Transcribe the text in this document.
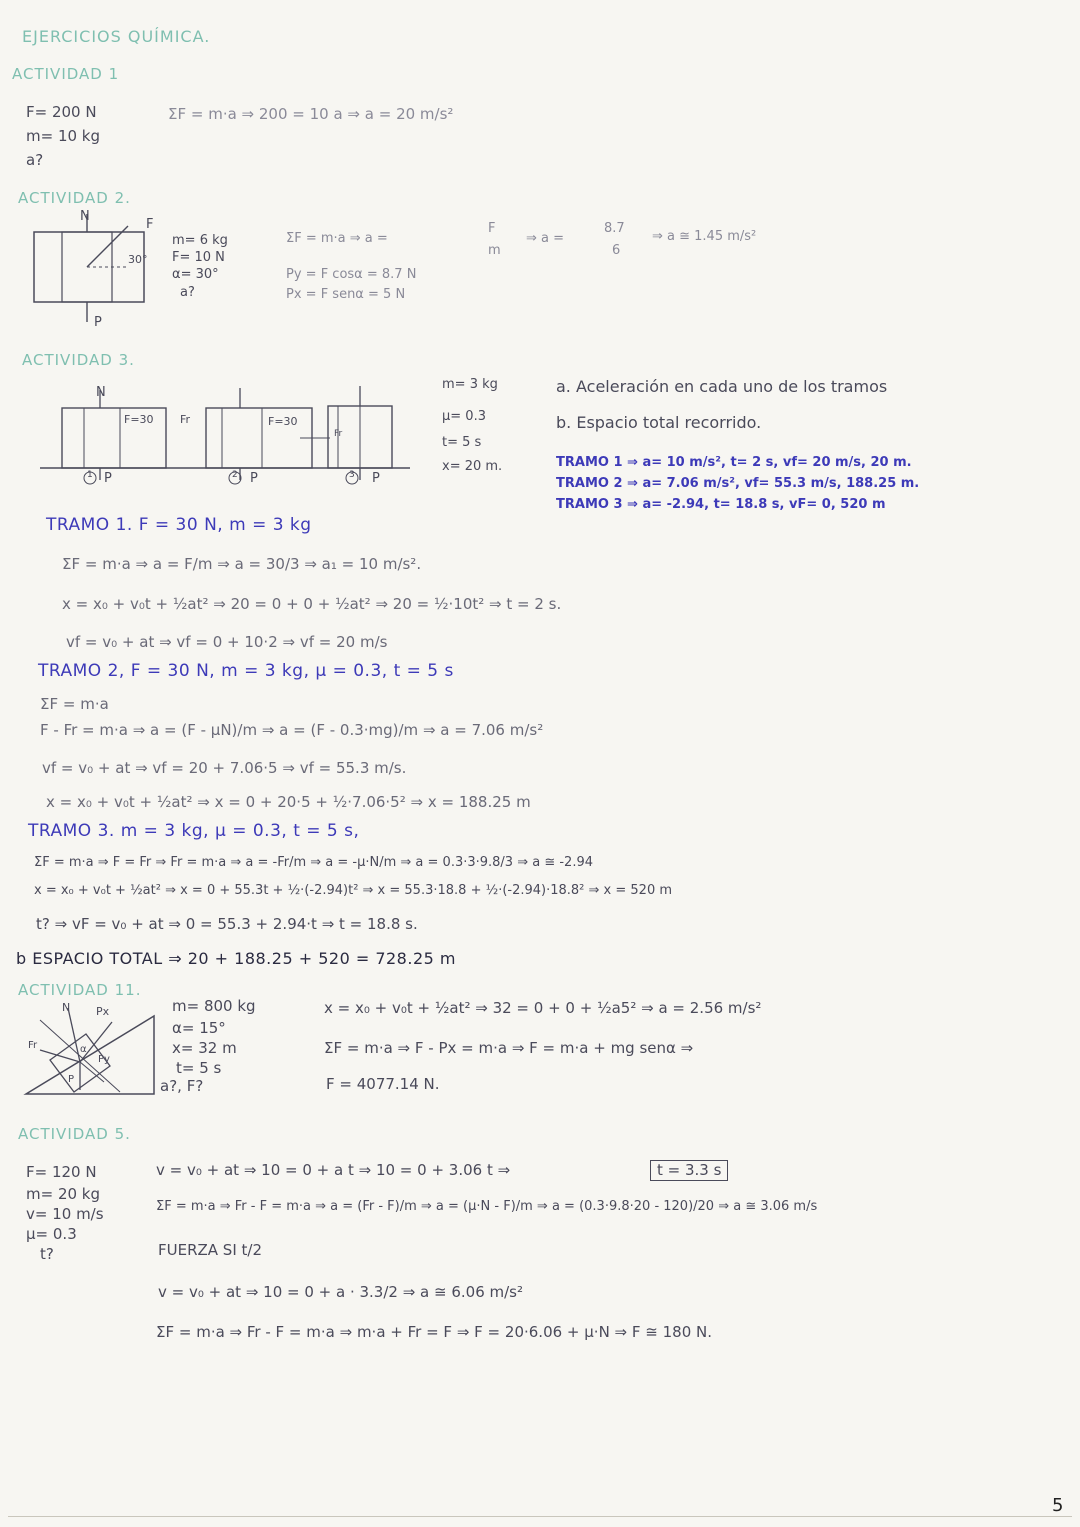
EJERCICIOS QUÍMICA.
ACTIVIDAD 1
F= 200 N
m= 10 kg
a?
ΣF = m·a ⇒ 200 = 10 a ⇒ a = 20 m/s²
ACTIVIDAD 2.
N
F
30°
P
m= 6 kg
F= 10 N
α= 30°
a?
ΣF = m·a ⇒ a =
F
m
⇒ a =
8.7
6
⇒ a ≅ 1.45 m/s²
Py = F cosα = 8.7 N
Px = F senα = 5 N
ACTIVIDAD 3.
N
F=30 Fr	F=30
Fr
1 P	2 P	3 P
m= 3 kg
μ= 0.3
t= 5 s
x= 20 m.
a. Aceleración en cada uno de los tramos
b. Espacio total recorrido.
TRAMO 1 ⇒ a= 10 m/s², t= 2 s, vf= 20 m/s, 20 m.
TRAMO 2 ⇒ a= 7.06 m/s², vf= 55.3 m/s, 188.25 m.
TRAMO 3 ⇒ a= -2.94, t= 18.8 s, vF= 0, 520 m
TRAMO 1. F = 30 N, m = 3 kg
ΣF = m·a ⇒ a = F/m ⇒ a = 30/3 ⇒ a₁ = 10 m/s².
x = x₀ + v₀t + ½at² ⇒ 20 = 0 + 0 + ½at² ⇒ 20 = ½·10t² ⇒ t = 2 s.
vf = v₀ + at ⇒ vf = 0 + 10·2 ⇒ vf = 20 m/s
TRAMO 2, F = 30 N, m = 3 kg, μ = 0.3, t = 5 s
ΣF = m·a
F - Fr = m·a ⇒ a = (F - μN)/m ⇒ a = (F - 0.3·mg)/m ⇒ a = 7.06 m/s²
vf = v₀ + at ⇒ vf = 20 + 7.06·5 ⇒ vf = 55.3 m/s.
x = x₀ + v₀t + ½at² ⇒ x = 0 + 20·5 + ½·7.06·5² ⇒ x = 188.25 m
TRAMO 3. m = 3 kg, μ = 0.3, t = 5 s,
ΣF = m·a ⇒ F = Fr ⇒ Fr = m·a ⇒ a = -Fr/m ⇒ a = -μ·N/m ⇒ a = 0.3·3·9.8/3 ⇒ a ≅ -2.94
x = x₀ + v₀t + ½at² ⇒ x = 0 + 55.3t + ½·(-2.94)t² ⇒ x = 55.3·18.8 + ½·(-2.94)·18.8² ⇒ x = 520 m
t? ⇒ vF = v₀ + at ⇒ 0 = 55.3 + 2.94·t ⇒ t = 18.8 s.
b ESPACIO TOTAL ⇒ 20 + 188.25 + 520 = 728.25 m
ACTIVIDAD 11.
N Px
Fr	α
Py
P
m= 800 kg
α= 15°
x= 32 m
t= 5 s
a?, F?
x = x₀ + v₀t + ½at² ⇒ 32 = 0 + 0 + ½a5² ⇒ a = 2.56 m/s²
ΣF = m·a ⇒ F - Px = m·a ⇒ F = m·a + mg senα ⇒
F = 4077.14 N.
ACTIVIDAD 5.
F= 120 N
m= 20 kg
v= 10 m/s
μ= 0.3
t?
v = v₀ + at ⇒ 10 = 0 + a t ⇒ 10 = 0 + 3.06 t ⇒	t = 3.3 s
ΣF = m·a ⇒ Fr - F = m·a ⇒ a = (Fr - F)/m ⇒ a = (μ·N - F)/m ⇒ a = (0.3·9.8·20 - 120)/20 ⇒ a ≅ 3.06 m/s
FUERZA SI t/2
v = v₀ + at ⇒ 10 = 0 + a · 3.3/2 ⇒ a ≅ 6.06 m/s²
ΣF = m·a ⇒ Fr - F = m·a ⇒ m·a + Fr = F ⇒ F = 20·6.06 + μ·N ⇒ F ≅ 180 N.
5
